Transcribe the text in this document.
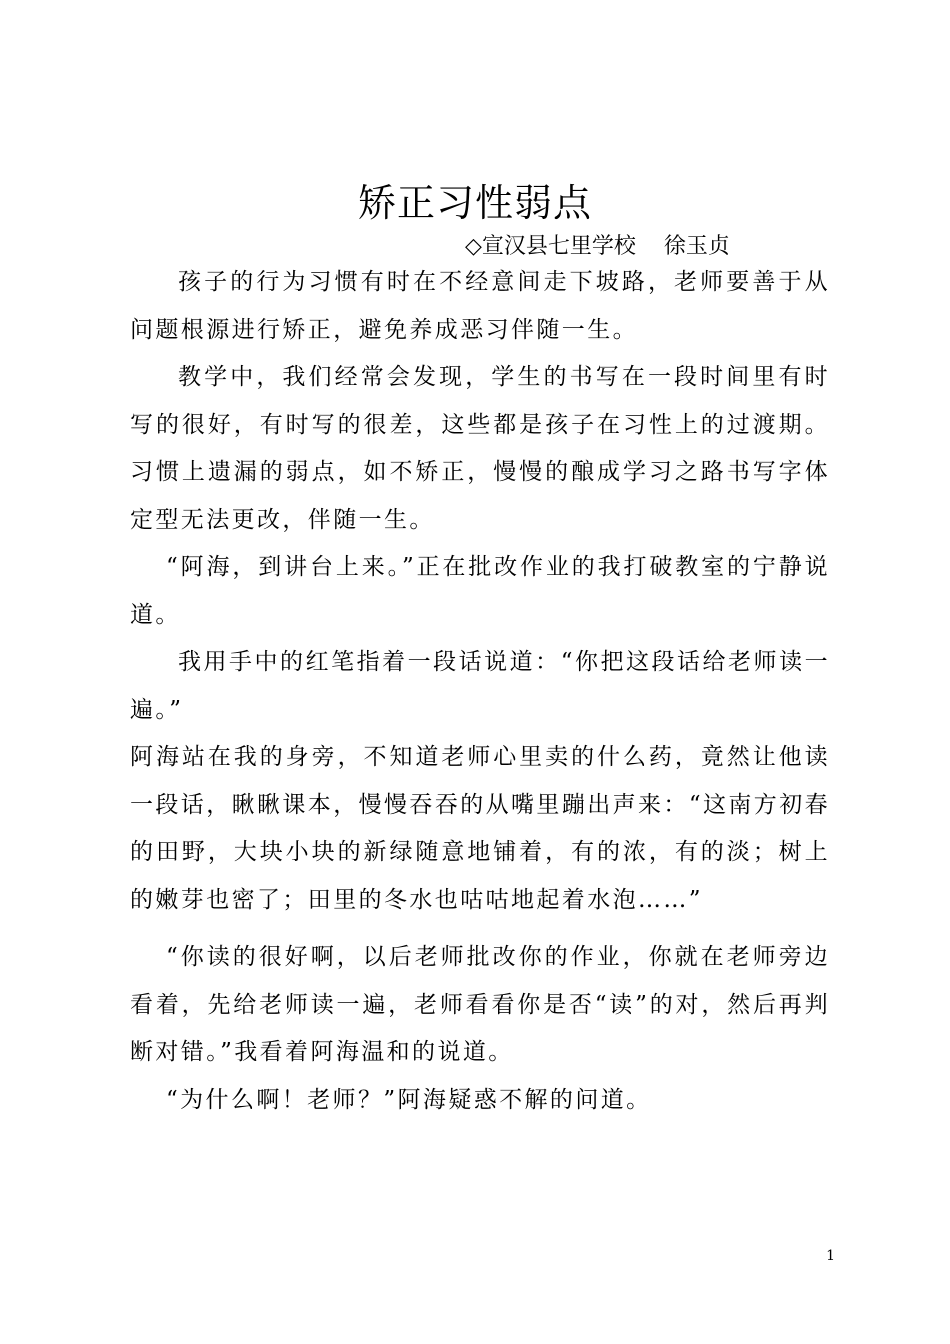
矫正习性弱点
◇宣汉县七里学校    徐玉贞

孩子的行为习惯有时在不经意间走下坡路，老师要善于从问题根源进行矫正，避免养成恶习伴随一生。

教学中，我们经常会发现，学生的书写在一段时间里有时写的很好，有时写的很差，这些都是孩子在习性上的过渡期。习惯上遗漏的弱点，如不矫正，慢慢的酿成学习之路书写字体定型无法更改，伴随一生。

“阿海，到讲台上来。”正在批改作业的我打破教室的宁静说道。

我用手中的红笔指着一段话说道：“你把这段话给老师读一遍。”

阿海站在我的身旁，不知道老师心里卖的什么药，竟然让他读一段话，瞅瞅课本，慢慢吞吞的从嘴里蹦出声来：“这南方初春的田野，大块小块的新绿随意地铺着，有的浓，有的淡；树上的嫩芽也密了；田里的冬水也咕咕地起着水泡……”

“你读的很好啊，以后老师批改你的作业，你就在老师旁边看着，先给老师读一遍，老师看看你是否“读”的对，然后再判断对错。”我看着阿海温和的说道。

“为什么啊！老师？”阿海疑惑不解的问道。

1
